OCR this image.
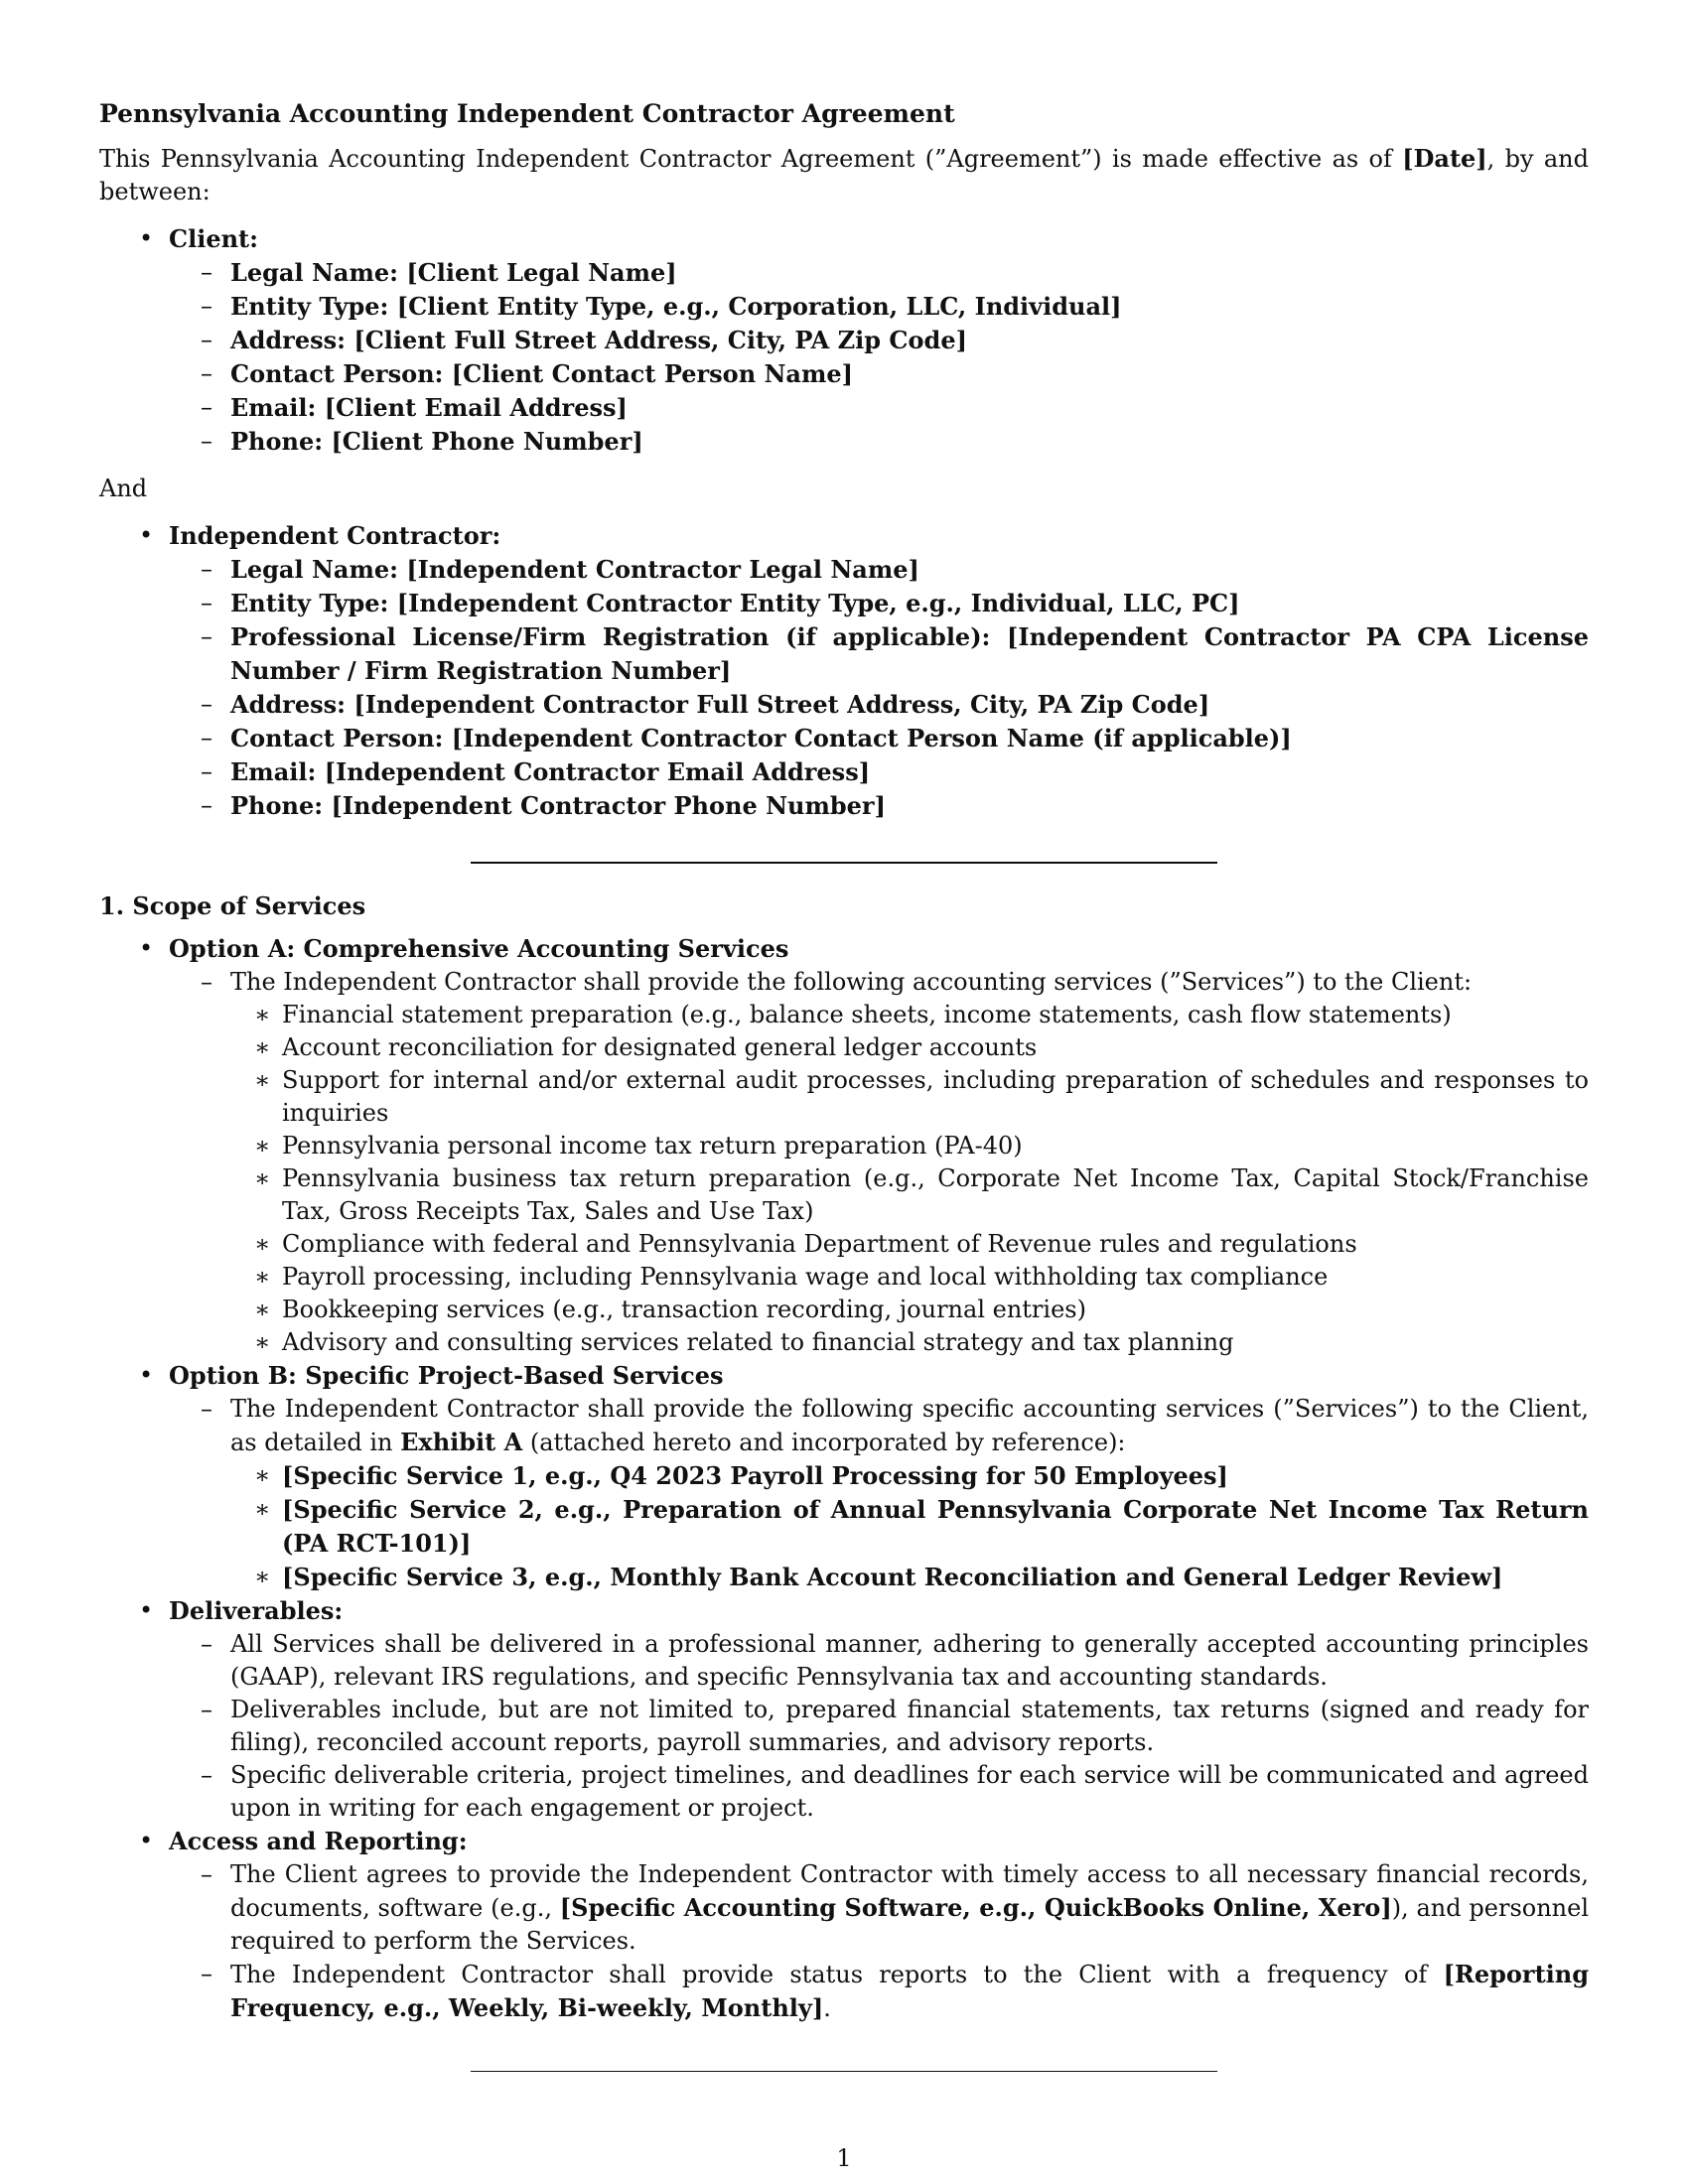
Pennsylvania Accounting Independent Contractor Agreement

This Pennsylvania Accounting Independent Contractor Agreement (”Agreement”) is made effective as of [Date], by and between:

• Client:
– Legal Name: [Client Legal Name]
– Entity Type: [Client Entity Type, e.g., Corporation, LLC, Individual]
– Address: [Client Full Street Address, City, PA Zip Code]
– Contact Person: [Client Contact Person Name]
– Email: [Client Email Address]
– Phone: [Client Phone Number]

And

• Independent Contractor:
– Legal Name: [Independent Contractor Legal Name]
– Entity Type: [Independent Contractor Entity Type, e.g., Individual, LLC, PC]
– Professional License/Firm Registration (if applicable): [Independent Contractor PA CPA License Number / Firm Registration Number]
– Address: [Independent Contractor Full Street Address, City, PA Zip Code]
– Contact Person: [Independent Contractor Contact Person Name (if applicable)]
– Email: [Independent Contractor Email Address]
– Phone: [Independent Contractor Phone Number]
1. Scope of Services
• Option A: Comprehensive Accounting Services
– The Independent Contractor shall provide the following accounting services (”Services”) to the Client:
∗ Financial statement preparation (e.g., balance sheets, income statements, cash flow statements)
∗ Account reconciliation for designated general ledger accounts
∗ Support for internal and/or external audit processes, including preparation of schedules and responses to inquiries
∗ Pennsylvania personal income tax return preparation (PA-40)
∗ Pennsylvania business tax return preparation (e.g., Corporate Net Income Tax, Capital Stock/Franchise Tax, Gross Receipts Tax, Sales and Use Tax)
∗ Compliance with federal and Pennsylvania Department of Revenue rules and regulations
∗ Payroll processing, including Pennsylvania wage and local withholding tax compliance
∗ Bookkeeping services (e.g., transaction recording, journal entries)
∗ Advisory and consulting services related to financial strategy and tax planning
• Option B: Specific Project-Based Services
– The Independent Contractor shall provide the following specific accounting services (”Services”) to the Client, as detailed in Exhibit A (attached hereto and incorporated by reference):
∗ [Specific Service 1, e.g., Q4 2023 Payroll Processing for 50 Employees]
∗ [Specific Service 2, e.g., Preparation of Annual Pennsylvania Corporate Net Income Tax Return (PA RCT-101)]
∗ [Specific Service 3, e.g., Monthly Bank Account Reconciliation and General Ledger Review]
• Deliverables:
– All Services shall be delivered in a professional manner, adhering to generally accepted accounting principles (GAAP), relevant IRS regulations, and specific Pennsylvania tax and accounting standards.
– Deliverables include, but are not limited to, prepared financial statements, tax returns (signed and ready for filing), reconciled account reports, payroll summaries, and advisory reports.
– Specific deliverable criteria, project timelines, and deadlines for each service will be communicated and agreed upon in writing for each engagement or project.
• Access and Reporting:
– The Client agrees to provide the Independent Contractor with timely access to all necessary financial records, documents, software (e.g., [Specific Accounting Software, e.g., QuickBooks Online, Xero]), and personnel required to perform the Services.
– The Independent Contractor shall provide status reports to the Client with a frequency of [Reporting Frequency, e.g., Weekly, Bi-weekly, Monthly].
1
